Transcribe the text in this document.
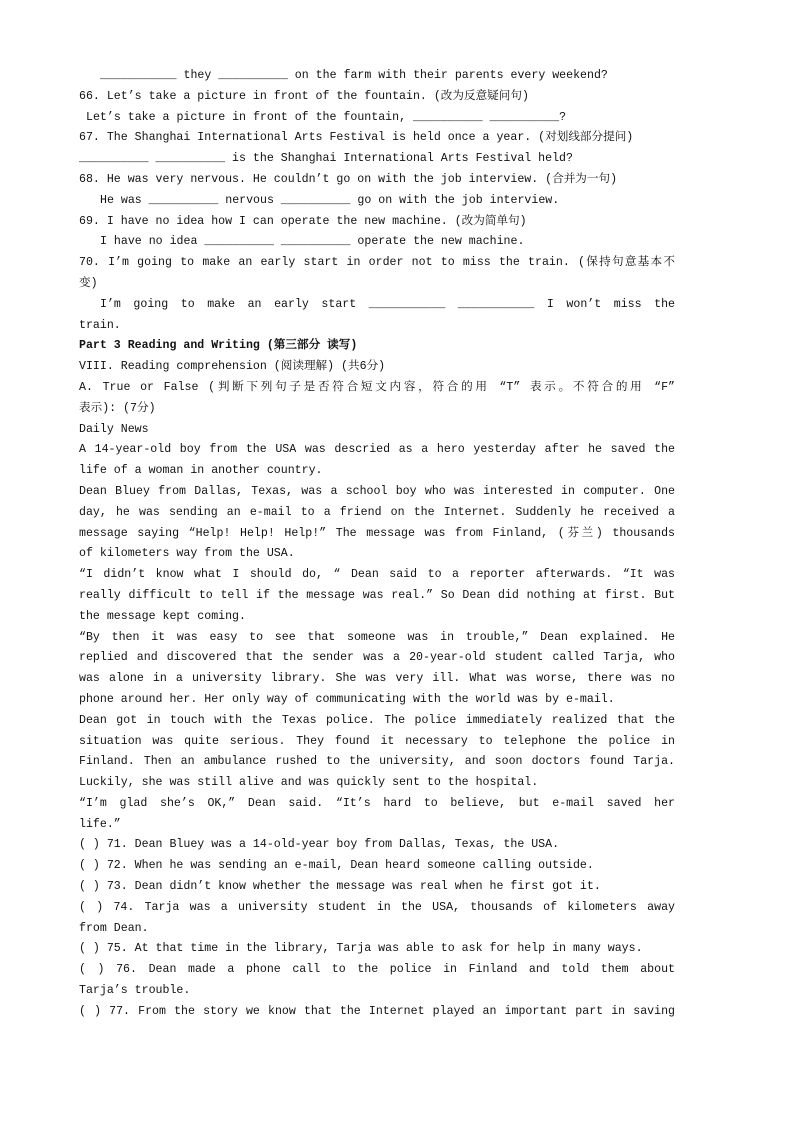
___________ they __________ on the farm with their parents every weekend?
66. Let’s take a picture in front of the fountain. (改为反意疑问句)
Let’s take a picture in front of the fountain, __________ __________?
67. The Shanghai International Arts Festival is held once a year. (对划线部分提问)
__________ __________ is the Shanghai International Arts Festival held?
68. He was very nervous. He couldn’t go on with the job interview. (合并为一句)
He was __________ nervous __________ go on with the job interview.
69. I have no idea how I can operate the new machine. (改为简单句)
I have no idea __________ __________ operate the new machine.
70. I’m going to make an early start in order not to miss the train. (保持句意基本不
变)
I’m going to make an early start ___________ ___________ I won’t miss the
train.
Part 3 Reading and Writing (第三部分 读写)
VIII. Reading comprehension (阅读理解) (共6分)
A. True or False (判断下列句子是否符合短文内容，符合的用 “T” 表示。不符合的用 “F”
表示): (7分)
Daily News
A 14-year-old boy from the USA was descried as a hero yesterday after he saved the
life of a woman in another country.
Dean Bluey from Dallas, Texas, was a school boy who was interested in computer. One
day, he was sending an e-mail to a friend on the Internet. Suddenly he received a
message saying “Help! Help! Help!” The message was from Finland, (芬兰) thousands
of kilometers way from the USA.
“I didn’t know what I should do, “ Dean said to a reporter afterwards. “It was
really difficult to tell if the message was real.” So Dean did nothing at first. But
the message kept coming.
“By then it was easy to see that someone was in trouble,” Dean explained. He
replied and discovered that the sender was a 20-year-old student called Tarja, who
was alone in a university library. She was very ill. What was worse, there was no
phone around her. Her only way of communicating with the world was by e-mail.
Dean got in touch with the Texas police. The police immediately realized that the
situation was quite serious. They found it necessary to telephone the police in
Finland. Then an ambulance rushed to the university, and soon doctors found Tarja.
Luckily, she was still alive and was quickly sent to the hospital.
“I’m glad she’s OK,” Dean said. “It’s hard to believe, but e-mail saved her
life.”
( ) 71. Dean Bluey was a 14-old-year boy from Dallas, Texas, the USA.
( ) 72. When he was sending an e-mail, Dean heard someone calling outside.
( ) 73. Dean didn’t know whether the message was real when he first got it.
( ) 74. Tarja was a university student in the USA, thousands of kilometers away
from Dean.
( ) 75. At that time in the library, Tarja was able to ask for help in many ways.
( ) 76. Dean made a phone call to the police in Finland and told them about
Tarja’s trouble.
( ) 77. From the story we know that the Internet played an important part in saving
